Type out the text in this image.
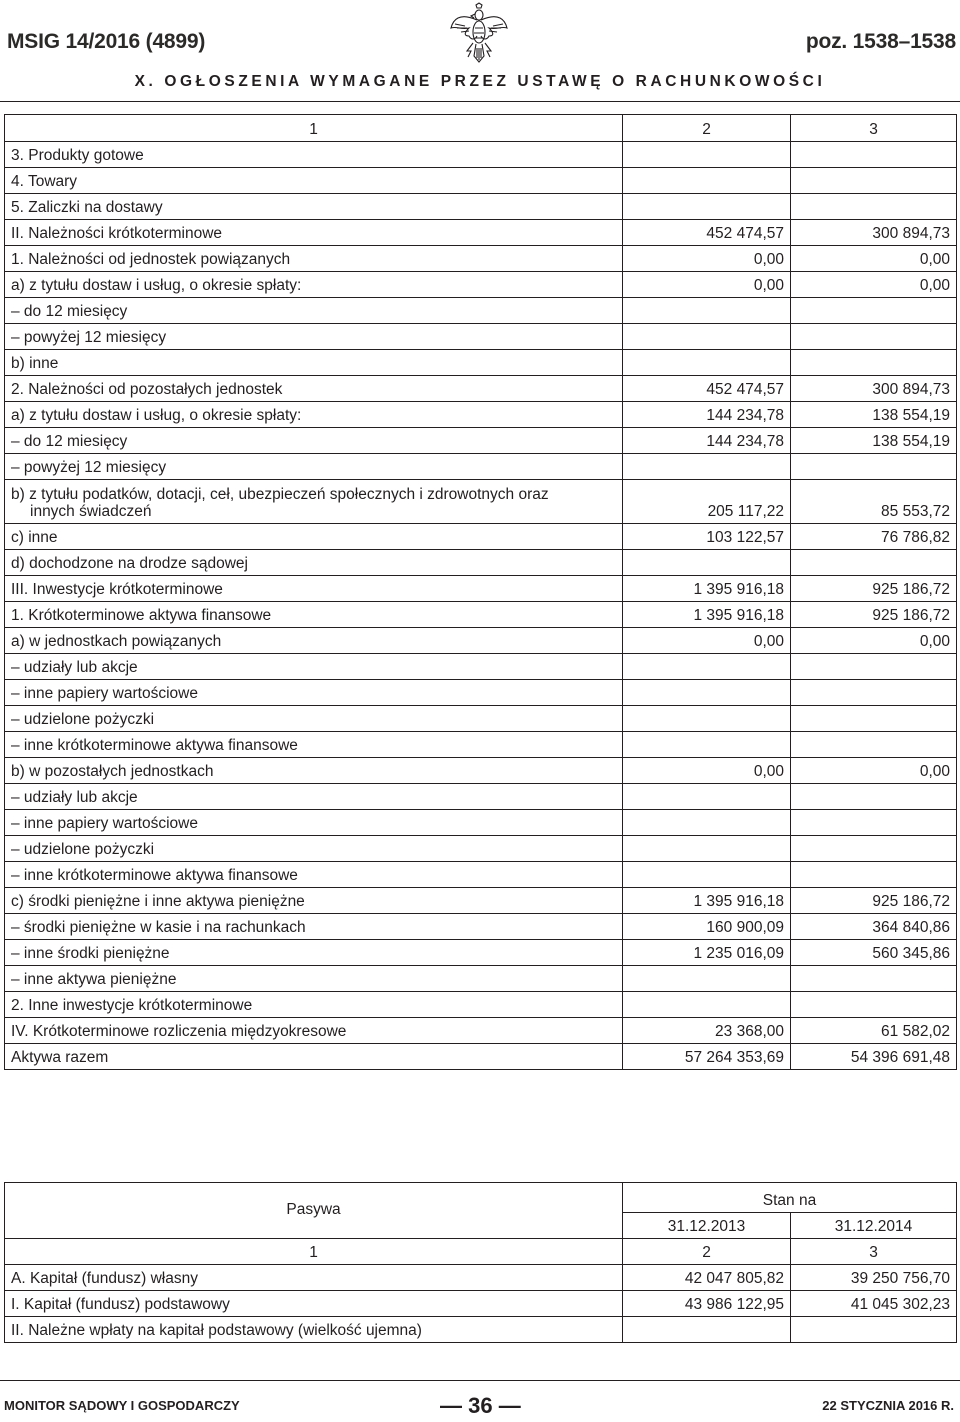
MSIG 14/2016 (4899)	poz. 1538–1538
X. OGŁOSZENIA WYMAGANE PRZEZ USTAWĘ O RACHUNKOWOŚCI
1	2	3
3. Produkty gotowe		
4. Towary		
5. Zaliczki na dostawy		
II. Należności krótkoterminowe	452 474,57	300 894,73
1. Należności od jednostek powiązanych	0,00	0,00
a) z tytułu dostaw i usług, o okresie spłaty:	0,00	0,00
– do 12 miesięcy		
– powyżej 12 miesięcy		
b) inne		
2. Należności od pozostałych jednostek	452 474,57	300 894,73
a) z tytułu dostaw i usług, o okresie spłaty:	144 234,78	138 554,19
– do 12 miesięcy	144 234,78	138 554,19
– powyżej 12 miesięcy		

b) z tytułu podatków, dotacji, ceł, ubezpieczeń społecznych i zdrowotnych oraz
innych świadczeń	205 117,22	85 553,72
c) inne	103 122,57	76 786,82
d) dochodzone na drodze sądowej		
III. Inwestycje krótkoterminowe	1 395 916,18	925 186,72
1. Krótkoterminowe aktywa finansowe	1 395 916,18	925 186,72
a) w jednostkach powiązanych	0,00	0,00
– udziały lub akcje		
– inne papiery wartościowe		
– udzielone pożyczki		
– inne krótkoterminowe aktywa finansowe		
b) w pozostałych jednostkach	0,00	0,00
– udziały lub akcje		
– inne papiery wartościowe		
– udzielone pożyczki		
– inne krótkoterminowe aktywa finansowe		
c) środki pieniężne i inne aktywa pieniężne	1 395 916,18	925 186,72
– środki pieniężne w kasie i na rachunkach	160 900,09	364 840,86
– inne środki pieniężne	1 235 016,09	560 345,86
– inne aktywa pieniężne		
2. Inne inwestycje krótkoterminowe		
IV. Krótkoterminowe rozliczenia międzyokresowe	23 368,00	61 582,02
Aktywa razem	57 264 353,69	54 396 691,48
Pasywa	Stan na	
	31.12.2013	31.12.2014
1	2	3
A. Kapitał (fundusz) własny	42 047 805,82	39 250 756,70
I. Kapitał (fundusz) podstawowy	43 986 122,95	41 045 302,23
II. Należne wpłaty na kapitał podstawowy (wielkość ujemna)		
MONITOR SĄDOWY I GOSPODARCZY	— 36 —	22 STYCZNIA 2016 R.
